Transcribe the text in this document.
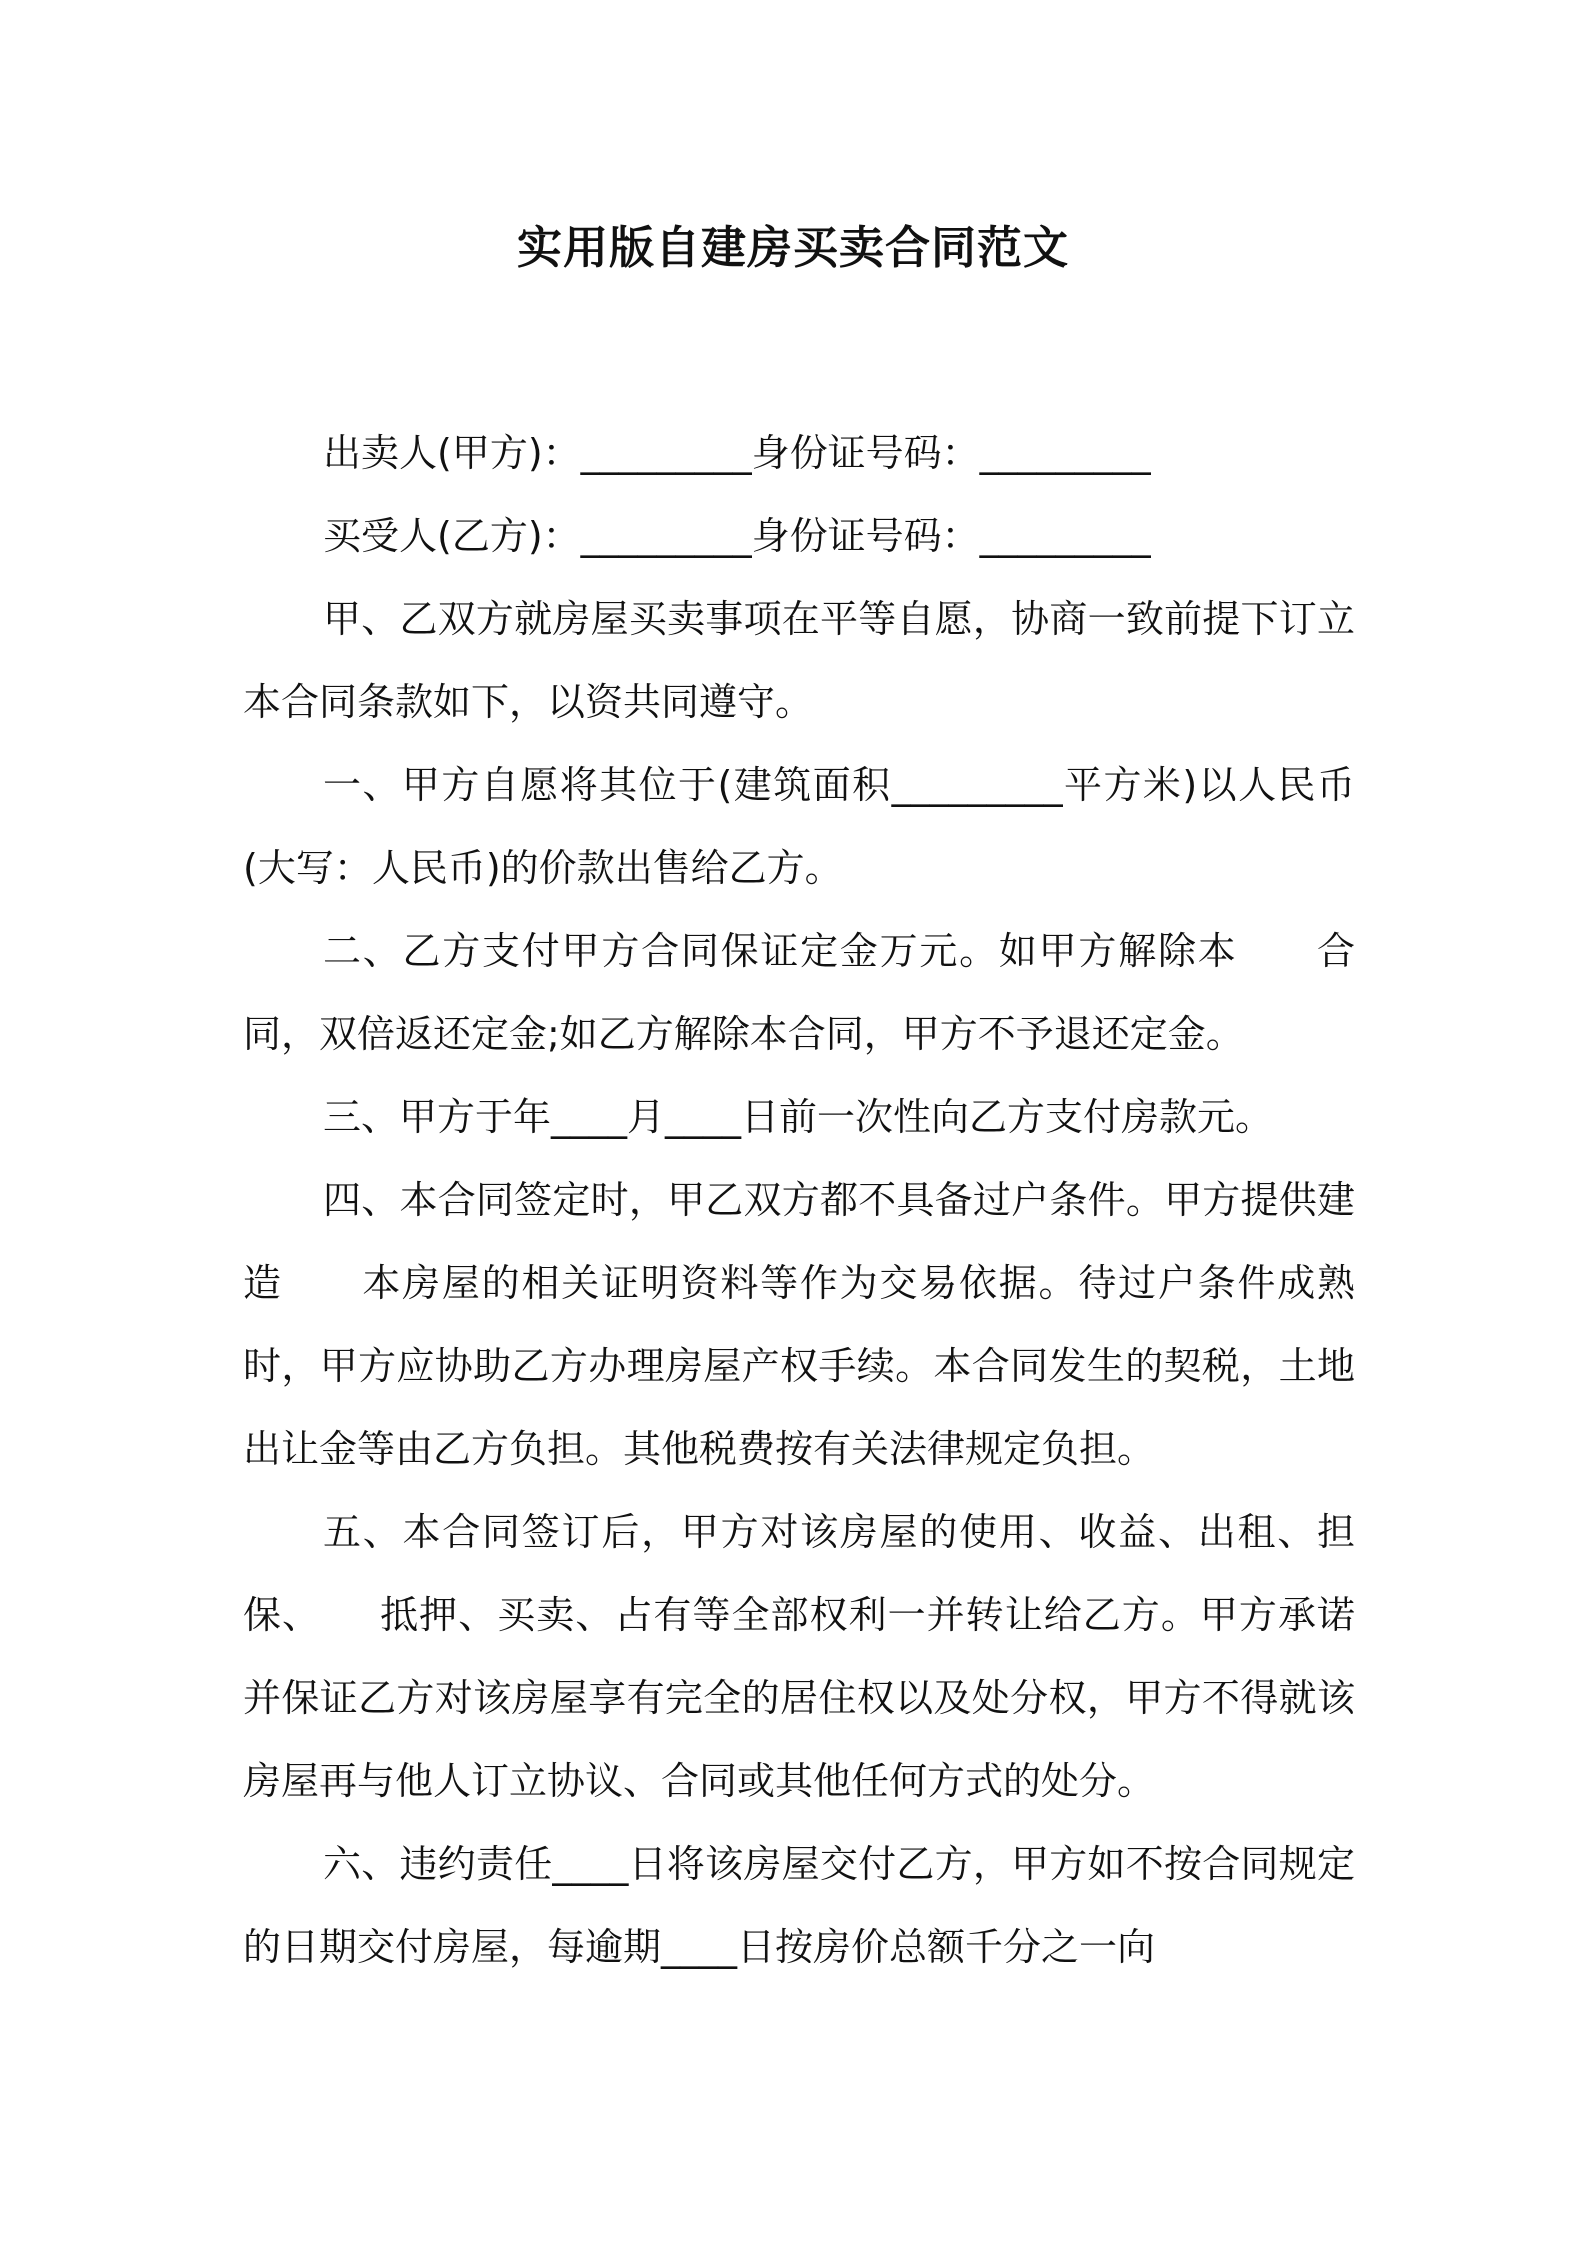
实用版自建房买卖合同范文

出卖人(甲方)：_________身份证号码：_________

买受人(乙方)：_________身份证号码：_________

甲、乙双方就房屋买卖事项在平等自愿，协商一致前提下订立本合同条款如下，以资共同遵守。

一、甲方自愿将其位于(建筑面积_________平方米)以人民币(大写：人民币)的价款出售给乙方。

二、乙方支付甲方合同保证定金万元。如甲方解除本　　合同，双倍返还定金;如乙方解除本合同，甲方不予退还定金。

三、甲方于年____月____日前一次性向乙方支付房款元。

四、本合同签定时，甲乙双方都不具备过户条件。甲方提供建造　　本房屋的相关证明资料等作为交易依据。待过户条件成熟时，甲方应协助乙方办理房屋产权手续。本合同发生的契税，土地出让金等由乙方负担。其他税费按有关法律规定负担。

五、本合同签订后，甲方对该房屋的使用、收益、出租、担保、　　抵押、买卖、占有等全部权利一并转让给乙方。甲方承诺并保证乙方对该房屋享有完全的居住权以及处分权，甲方不得就该房屋再与他人订立协议、合同或其他任何方式的处分。

六、违约责任____日将该房屋交付乙方，甲方如不按合同规定的日期交付房屋，每逾期____日按房价总额千分之一向
